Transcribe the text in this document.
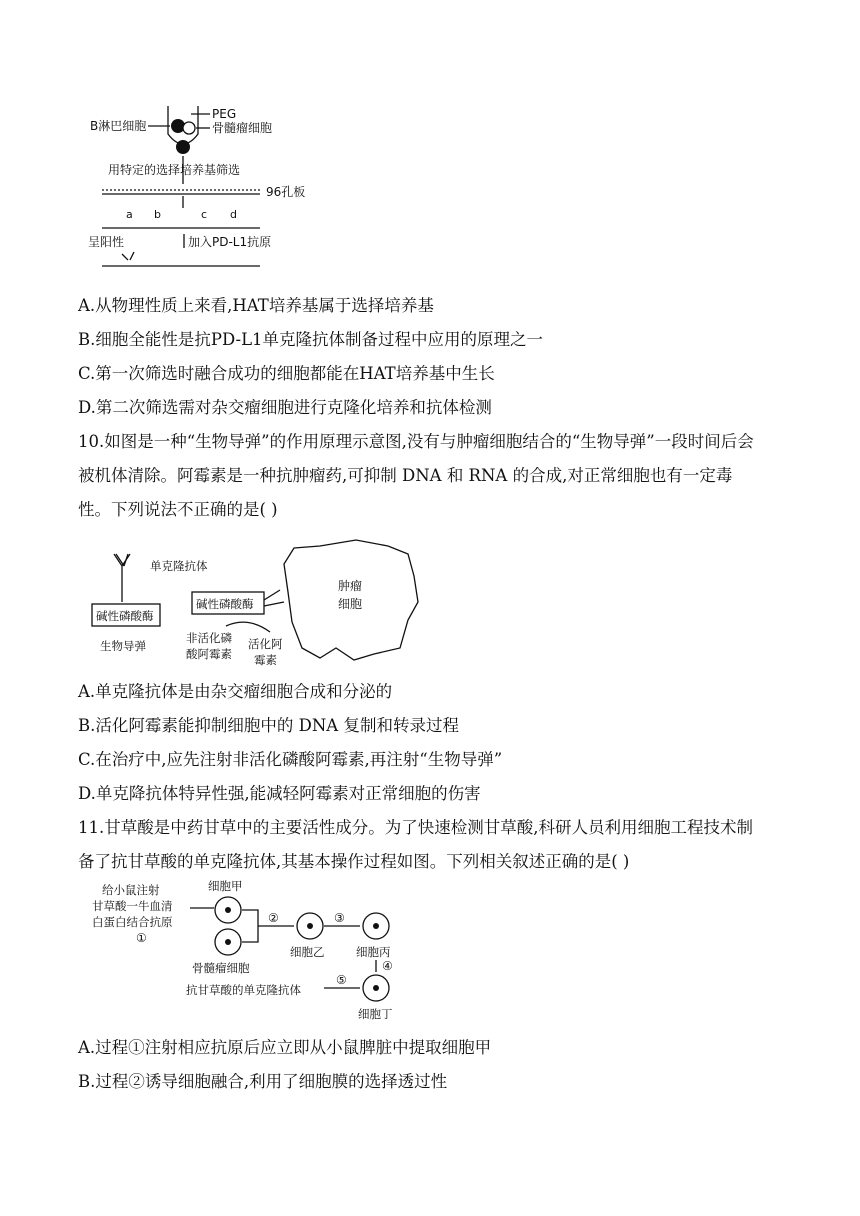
B淋巴细胞
PEG
骨髓瘤细胞
用特定的选择培养基筛选
96孔板
a b	c d
呈阳性	加入PD-L1抗原
A.从物理性质上来看,HAT培养基属于选择培养基
B.细胞全能性是抗PD-L1单克隆抗体制备过程中应用的原理之一
C.第一次筛选时融合成功的细胞都能在HAT培养基中生长
D.第二次筛选需对杂交瘤细胞进行克隆化培养和抗体检测
10.如图是一种“生物导弹”的作用原理示意图,没有与肿瘤细胞结合的“生物导弹”一段时间后会
被机体清除。阿霉素是一种抗肿瘤药,可抑制 DNA 和 RNA 的合成,对正常细胞也有一定毒
性。下列说法不正确的是( )
单克隆抗体
碱性磷酸酶
生物导弹
碱性磷酸酶
非活化磷
酸阿霉素
活化阿
霉素
肿瘤
细胞
A.单克隆抗体是由杂交瘤细胞合成和分泌的
B.活化阿霉素能抑制细胞中的 DNA 复制和转录过程
C.在治疗中,应先注射非活化磷酸阿霉素,再注射“生物导弹”
D.单克降抗体特异性强,能减轻阿霉素对正常细胞的伤害
11.甘草酸是中药甘草中的主要活性成分。为了快速检测甘草酸,科研人员利用细胞工程技术制
备了抗甘草酸的单克隆抗体,其基本操作过程如图。下列相关叙述正确的是( )
给小鼠注射
甘草酸一牛血清
白蛋白结合抗原
①
细胞甲
骨髓瘤细胞
②
细胞乙
③
细胞丙
④
细胞丁
⑤
抗甘草酸的单克隆抗体
A.过程①注射相应抗原后应立即从小鼠脾脏中提取细胞甲
B.过程②诱导细胞融合,利用了细胞膜的选择透过性
